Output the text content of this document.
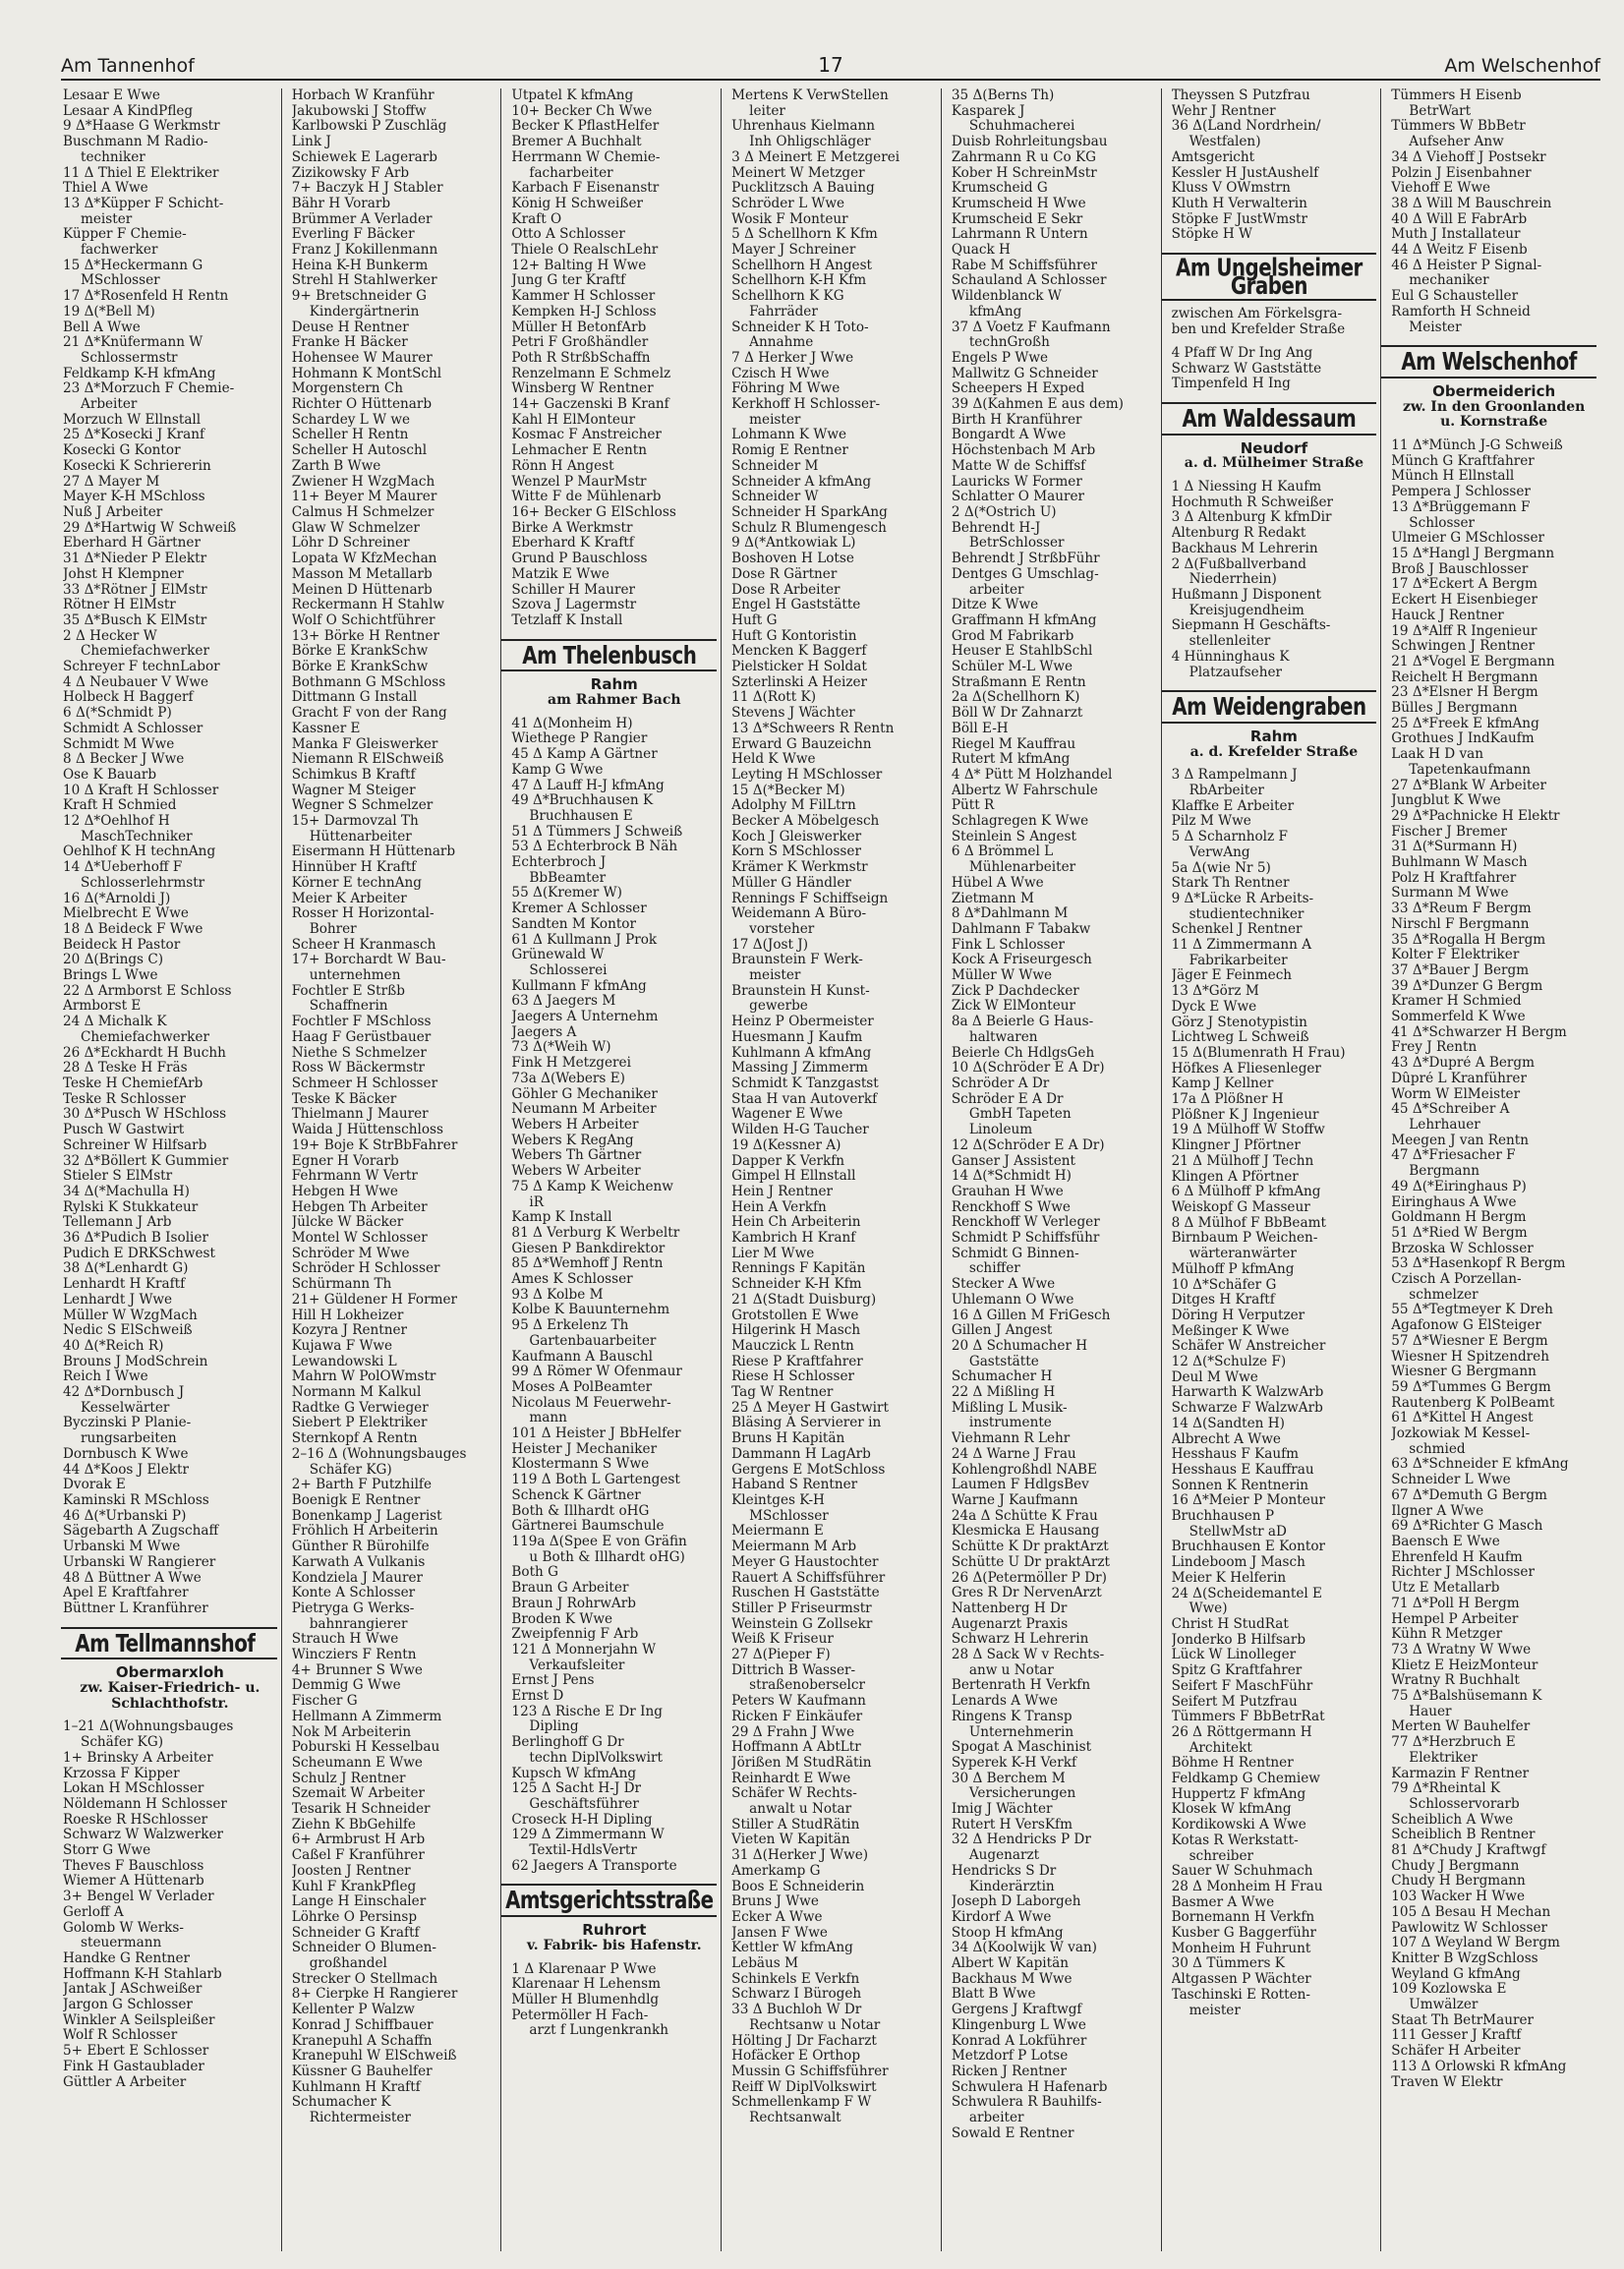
Am Tannenhof	17	Am Welschenhof
Lesaar E Wwe
Lesaar A KindPfleg
9 Δ*Haase G Werkmstr
Buschmann M Radio-
techniker
11 Δ Thiel E Elektriker
Thiel A Wwe
13 Δ*Küpper F Schicht-
meister
Küpper F Chemie-
fachwerker
15 Δ*Heckermann G
MSchlosser
17 Δ*Rosenfeld H Rentn
19 Δ(*Bell M)
Bell A Wwe
21 Δ*Knüfermann W
Schlossermstr
Feldkamp K-H kfmAng
23 Δ*Morzuch F Chemie-
Arbeiter
Morzuch W Ellnstall
25 Δ*Kosecki J Kranf
Kosecki G Kontor
Kosecki K Schriererin
27 Δ Mayer M
Mayer K-H MSchloss
Nuß J Arbeiter
29 Δ*Hartwig W Schweiß
Eberhard H Gärtner
31 Δ*Nieder P Elektr
Johst H Klempner
33 Δ*Rötner J ElMstr
Rötner H ElMstr
35 Δ*Busch K ElMstr
2 Δ Hecker W
Chemiefachwerker
Schreyer F technLabor
4 Δ Neubauer V Wwe
Holbeck H Baggerf
6 Δ(*Schmidt P)
Schmidt A Schlosser
Schmidt M Wwe
8 Δ Becker J Wwe
Ose K Bauarb
10 Δ Kraft H Schlosser
Kraft H Schmied
12 Δ*Oehlhof H
MaschTechniker
Oehlhof K H technAng
14 Δ*Ueberhoff F
Schlosserlehrmstr
16 Δ(*Arnoldi J)
Mielbrecht E Wwe
18 Δ Beideck F Wwe
Beideck H Pastor
20 Δ(Brings C)
Brings L Wwe
22 Δ Armborst E Schloss
Armborst E
24 Δ Michalk K
Chemiefachwerker
26 Δ*Eckhardt H Buchh
28 Δ Teske H Fräs
Teske H ChemiefArb
Teske R Schlosser
30 Δ*Pusch W HSchloss
Pusch W Gastwirt
Schreiner W Hilfsarb
32 Δ*Böllert K Gummier
Stieler S ElMstr
34 Δ(*Machulla H)
Rylski K Stukkateur
Tellemann J Arb
36 Δ*Pudich B Isolier
Pudich E DRKSchwest
38 Δ(*Lenhardt G)
Lenhardt H Kraftf
Lenhardt J Wwe
Müller W WzgMach
Nedic S ElSchweiß
40 Δ(*Reich R)
Brouns J ModSchrein
Reich I Wwe
42 Δ*Dornbusch J
Kesselwärter
Byczinski P Planie-
rungsarbeiten
Dornbusch K Wwe
44 Δ*Koos J Elektr
Dvorak E
Kaminski R MSchloss
46 Δ(*Urbanski P)
Sägebarth A Zugschaff
Urbanski M Wwe
Urbanski W Rangierer
48 Δ Büttner A Wwe
Apel E Kraftfahrer
Büttner L Kranführer
Am Tellmannshof
Obermarxloh
zw. Kaiser-Friedrich- u.
Schlachthofstr.
1–21 Δ(Wohnungsbauges
Schäfer KG)
1+ Brinsky A Arbeiter
Krzossa F Kipper
Lokan H MSchlosser
Nöldemann H Schlosser
Roeske R HSchlosser
Schwarz W Walzwerker
Storr G Wwe
Theves F Bauschloss
Wiemer A Hüttenarb
3+ Bengel W Verlader
Gerloff A
Golomb W Werks-
steuermann
Handke G Rentner
Hoffmann K-H Stahlarb
Jantak J ASchweißer
Jargon G Schlosser
Winkler A Seilspleißer
Wolf R Schlosser
5+ Ebert E Schlosser
Fink H Gastaublader
Güttler A Arbeiter
Horbach W Kranführ
Jakubowski J Stoffw
Karlbowski P Zuschläg
Link J
Schiewek E Lagerarb
Zizikowsky F Arb
7+ Baczyk H J Stabler
Bähr H Vorarb
Brümmer A Verlader
Everling F Bäcker
Franz J Kokillenmann
Heina K-H Bunkerm
Strehl H Stahlwerker
9+ Bretschneider G
Kindergärtnerin
Deuse H Rentner
Franke H Bäcker
Hohensee W Maurer
Hohmann K MontSchl
Morgenstern Ch
Richter O Hüttenarb
Schardey L W we
Scheller H Rentn
Scheller H Autoschl
Zarth B Wwe
Zwiener H WzgMach
11+ Beyer M Maurer
Calmus H Schmelzer
Glaw W Schmelzer
Löhr D Schreiner
Lopata W KfzMechan
Masson M Metallarb
Meinen D Hüttenarb
Reckermann H Stahlw
Wolf O Schichtführer
13+ Börke H Rentner
Börke E KrankSchw
Börke E KrankSchw
Bothmann G MSchloss
Dittmann G Install
Gracht F von der Rang
Kassner E
Manka F Gleiswerker
Niemann R ElSchweiß
Schimkus B Kraftf
Wagner M Steiger
Wegner S Schmelzer
15+ Darmovzal Th
Hüttenarbeiter
Eisermann H Hüttenarb
Hinnüber H Kraftf
Körner E technAng
Meier K Arbeiter
Rosser H Horizontal-
Bohrer
Scheer H Kranmasch
17+ Borchardt W Bau-
unternehmen
Fochtler E Strßb
Schaffnerin
Fochtler F MSchloss
Haag F Gerüstbauer
Niethe S Schmelzer
Ross W Bäckermstr
Schmeer H Schlosser
Teske K Bäcker
Thielmann J Maurer
Waida J Hüttenschloss
19+ Boje K StrBbFahrer
Egner H Vorarb
Fehrmann W Vertr
Hebgen H Wwe
Hebgen Th Arbeiter
Jülcke W Bäcker
Montel W Schlosser
Schröder M Wwe
Schröder H Schlosser
Schürmann Th
21+ Güldener H Former
Hill H Lokheizer
Kozyra J Rentner
Kujawa F Wwe
Lewandowski L
Mahrn W PolOWmstr
Normann M Kalkul
Radtke G Verwieger
Siebert P Elektriker
Sternkopf A Rentn
2–16 Δ (Wohnungsbauges
Schäfer KG)
2+ Barth F Putzhilfe
Boenigk E Rentner
Bonenkamp J Lagerist
Fröhlich H Arbeiterin
Günther R Bürohilfe
Karwath A Vulkanis
Kondziela J Maurer
Konte A Schlosser
Pietryga G Werks-
bahnrangierer
Strauch H Wwe
Wincziers F Rentn
4+ Brunner S Wwe
Demmig G Wwe
Fischer G
Hellmann A Zimmerm
Nok M Arbeiterin
Poburski H Kesselbau
Scheumann E Wwe
Schulz J Rentner
Szemait W Arbeiter
Tesarik H Schneider
Ziehn K BbGehilfe
6+ Armbrust H Arb
Caßel F Kranführer
Joosten J Rentner
Kuhl F KrankPfleg
Lange H Einschaler
Löhrke O Persinsp
Schneider G Kraftf
Schneider O Blumen-
großhandel
Strecker O Stellmach
8+ Cierpke H Rangierer
Kellenter P Walzw
Konrad J Schiffbauer
Kranepuhl A Schaffn
Kranepuhl W ElSchweiß
Küssner G Bauhelfer
Kuhlmann H Kraftf
Schumacher K
Richtermeister
Utpatel K kfmAng
10+ Becker Ch Wwe
Becker K PflastHelfer
Bremer A Buchhalt
Herrmann W Chemie-
facharbeiter
Karbach F Eisenanstr
König H Schweißer
Kraft O
Otto A Schlosser
Thiele O RealschLehr
12+ Balting H Wwe
Jung G ter Kraftf
Kammer H Schlosser
Kempken H-J Schloss
Müller H BetonfArb
Petri F Großhändler
Poth R StrßbSchaffn
Renzelmann E Schmelz
Winsberg W Rentner
14+ Gaczenski B Kranf
Kahl H ElMonteur
Kosmac F Anstreicher
Lehmacher E Rentn
Rönn H Angest
Wenzel P MaurMstr
Witte F de Mühlenarb
16+ Becker G ElSchloss
Birke A Werkmstr
Eberhard K Kraftf
Grund P Bauschloss
Matzik E Wwe
Schiller H Maurer
Szova J Lagermstr
Tetzlaff K Install
Am Thelenbusch
Rahm
am Rahmer Bach
41 Δ(Monheim H)
Wiethege P Rangier
45 Δ Kamp A Gärtner
Kamp G Wwe
47 Δ Lauff H-J kfmAng
49 Δ*Bruchhausen K
Bruchhausen E
51 Δ Tümmers J Schweiß
53 Δ Echterbrock B Näh
Echterbroch J
BbBeamter
55 Δ(Kremer W)
Kremer A Schlosser
Sandten M Kontor
61 Δ Kullmann J Prok
Grünewald W
Schlosserei
Kullmann F kfmAng
63 Δ Jaegers M
Jaegers A Unternehm
Jaegers A
73 Δ(*Weih W)
Fink H Metzgerei
73a Δ(Webers E)
Göhler G Mechaniker
Neumann M Arbeiter
Webers H Arbeiter
Webers K RegAng
Webers Th Gärtner
Webers W Arbeiter
75 Δ Kamp K Weichenw
iR
Kamp K Install
81 Δ Verburg K Werbeltr
Giesen P Bankdirektor
85 Δ*Wemhoff J Rentn
Ames K Schlosser
93 Δ Kolbe M
Kolbe K Bauunternehm
95 Δ Erkelenz Th
Gartenbauarbeiter
Kaufmann A Bauschl
99 Δ Römer W Ofenmaur
Moses A PolBeamter
Nicolaus M Feuerwehr-
mann
101 Δ Heister J BbHelfer
Heister J Mechaniker
Klostermann S Wwe
119 Δ Both L Gartengest
Schenck K Gärtner
Both & Illhardt oHG
Gärtnerei Baumschule
119a Δ(Spee E von Gräfin
u Both & Illhardt oHG)
Both G
Braun G Arbeiter
Braun J RohrwArb
Broden K Wwe
Zweipfennig F Arb
121 Δ Monnerjahn W
Verkaufsleiter
Ernst J Pens
Ernst D
123 Δ Rische E Dr Ing
Dipling
Berlinghoff G Dr
techn DiplVolkswirt
Kupsch W kfmAng
125 Δ Sacht H-J Dr
Geschäftsführer
Croseck H-H Dipling
129 Δ Zimmermann W
Textil-HdlsVertr
62 Jaegers A Transporte
Amtsgerichtsstraße
Ruhrort
v. Fabrik- bis Hafenstr.
1 Δ Klarenaar P Wwe
Klarenaar H Lehensm
Müller H Blumenhdlg
Petermöller H Fach-
arzt f Lungenkrankh
Mertens K VerwStellen
leiter
Uhrenhaus Kielmann
Inh Ohligschläger
3 Δ Meinert E Metzgerei
Meinert W Metzger
Pucklitzsch A Bauing
Schröder L Wwe
Wosik F Monteur
5 Δ Schellhorn K Kfm
Mayer J Schreiner
Schellhorn H Angest
Schellhorn K-H Kfm
Schellhorn K KG
Fahrräder
Schneider K H Toto-
Annahme
7 Δ Herker J Wwe
Czisch H Wwe
Föhring M Wwe
Kerkhoff H Schlosser-
meister
Lohmann K Wwe
Romig E Rentner
Schneider M
Schneider A kfmAng
Schneider W
Schneider H SparkAng
Schulz R Blumengesch
9 Δ(*Antkowiak L)
Boshoven H Lotse
Dose R Gärtner
Dose R Arbeiter
Engel H Gaststätte
Huft G
Huft G Kontoristin
Mencken K Baggerf
Pielsticker H Soldat
Szterlinski A Heizer
11 Δ(Rott K)
Stevens J Wächter
13 Δ*Schweers R Rentn
Erward G Bauzeichn
Held K Wwe
Leyting H MSchlosser
15 Δ(*Becker M)
Adolphy M FilLtrn
Becker A Möbelgesch
Koch J Gleiswerker
Korn S MSchlosser
Krämer K Werkmstr
Müller G Händler
Rennings F Schiffseign
Weidemann A Büro-
vorsteher
17 Δ(Jost J)
Braunstein F Werk-
meister
Braunstein H Kunst-
gewerbe
Heinz P Obermeister
Huesmann J Kaufm
Kuhlmann A kfmAng
Massing J Zimmerm
Schmidt K Tanzgastst
Staa H van Autoverkf
Wagener E Wwe
Wilden H-G Taucher
19 Δ(Kessner A)
Dapper K Verkfn
Gimpel H Ellnstall
Hein J Rentner
Hein A Verkfn
Hein Ch Arbeiterin
Kambrich H Kranf
Lier M Wwe
Rennings F Kapitän
Schneider K-H Kfm
21 Δ(Stadt Duisburg)
Grotstollen E Wwe
Hilgerink H Masch
Mauczick L Rentn
Riese P Kraftfahrer
Riese H Schlosser
Tag W Rentner
25 Δ Meyer H Gastwirt
Bläsing A Servierer in
Bruns H Kapitän
Dammann H LagArb
Gergens E MotSchloss
Haband S Rentner
Kleintges K-H
MSchlosser
Meiermann E
Meiermann M Arb
Meyer G Haustochter
Rauert A Schiffsführer
Ruschen H Gaststätte
Stiller P Friseurmstr
Weinstein G Zollsekr
Weiß K Friseur
27 Δ(Pieper F)
Dittrich B Wasser-
straßenoberselcr
Peters W Kaufmann
Ricken F Einkäufer
29 Δ Frahn J Wwe
Hoffmann A AbtLtr
Jörißen M StudRätin
Reinhardt E Wwe
Schäfer W Rechts-
anwalt u Notar
Stiller A StudRätin
Vieten W Kapitän
31 Δ(Herker J Wwe)
Amerkamp G
Boos E Schneiderin
Bruns J Wwe
Ecker A Wwe
Jansen F Wwe
Kettler W kfmAng
Lebäus M
Schinkels E Verkfn
Schwarz I Bürogeh
33 Δ Buchloh W Dr
Rechtsanw u Notar
Hölting J Dr Facharzt
Hofäcker E Orthop
Mussin G Schiffsführer
Reiff W DiplVolkswirt
Schmellenkamp F W
Rechtsanwalt
35 Δ(Berns Th)
Kasparek J
Schuhmacherei
Duisb Rohrleitungsbau
Zahrmann R u Co KG
Kober H SchreinMstr
Krumscheid G
Krumscheid H Wwe
Krumscheid E Sekr
Lahrmann R Untern
Quack H
Rabe M Schiffsführer
Schauland A Schlosser
Wildenblanck W
kfmAng
37 Δ Voetz F Kaufmann
technGroßh
Engels P Wwe
Mallwitz G Schneider
Scheepers H Exped
39 Δ(Kahmen E aus dem)
Birth H Kranführer
Bongardt A Wwe
Höchstenbach M Arb
Matte W de Schiffsf
Lauricks W Former
Schlatter O Maurer
2 Δ(*Östrich U)
Behrendt H-J
BetrSchlosser
Behrendt J StrßbFühr
Dentges G Umschlag-
arbeiter
Ditze K Wwe
Graffmann H kfmAng
Grod M Fabrikarb
Heuser E StahlbSchl
Schüler M-L Wwe
Straßmann E Rentn
2a Δ(Schellhorn K)
Böll W Dr Zahnarzt
Böll E-H
Riegel M Kauffrau
Rutert M kfmAng
4 Δ* Pütt M Holzhandel
Albertz W Fahrschule
Pütt R
Schlagregen K Wwe
Steinlein S Angest
6 Δ Brömmel L
Mühlenarbeiter
Hübel A Wwe
Zietmann M
8 Δ*Dahlmann M
Dahlmann F Tabakw
Fink L Schlosser
Kock A Friseurgesch
Müller W Wwe
Zick P Dachdecker
Zick W ElMonteur
8a Δ Beierle G Haus-
haltwaren
Beierle Ch HdlgsGeh
10 Δ(Schröder E A Dr)
Schröder A Dr
Schröder E A Dr
GmbH Tapeten
Linoleum
12 Δ(Schröder E A Dr)
Ganser J Assistent
14 Δ(*Schmidt H)
Grauhan H Wwe
Renckhoff S Wwe
Renckhoff W Verleger
Schmidt P Schiffsführ
Schmidt G Binnen-
schiffer
Stecker A Wwe
Uhlemann O Wwe
16 Δ Gillen M FriGesch
Gillen J Angest
20 Δ Schumacher H
Gaststätte
Schumacher H
22 Δ Mißling H
Mißling L Musik-
instrumente
Viehmann R Lehr
24 Δ Warne J Frau
Kohlengroßhdl NABE
Laumen F HdlgsBev
Warne J Kaufmann
24a Δ Schütte K Frau
Klesmicka E Hausang
Schütte K Dr praktArzt
Schütte U Dr praktÄrzt
26 Δ(Petermöller P Dr)
Gres R Dr NervenArzt
Nattenberg H Dr
Augenarzt Praxis
Schwarz H Lehrerin
28 Δ Sack W v Rechts-
anw u Notar
Bertenrath H Verkfn
Lenards A Wwe
Ringens K Transp
Unternehmerin
Spogat A Maschinist
Syperek K-H Verkf
30 Δ Berchem M
Versicherungen
Imig J Wächter
Rutert H VersKfm
32 Δ Hendricks P Dr
Augenarzt
Hendricks S Dr
Kinderärztin
Joseph D Laborgeh
Kirdorf A Wwe
Stoop H kfmAng
34 Δ(Koolwijk W van)
Albert W Kapitän
Backhaus M Wwe
Blatt B Wwe
Gergens J Kraftwgf
Klingenburg L Wwe
Konrad A Lokführer
Metzdorf P Lotse
Ricken J Rentner
Schwulera H Hafenarb
Schwulera R Bauhilfs-
arbeiter
Sowald E Rentner
Theyssen S Putzfrau
Wehr J Rentner
36 Δ(Land Nordrhein/
Westfalen)
Amtsgericht
Kessler H JustAushelf
Kluss V OWmstrn
Kluth H Verwalterin
Stöpke F JustWmstr
Stöpke H W
Am Ungelsheimer Graben
zwischen Am Förkelsgra-
ben und Krefelder Straße
4 Pfaff W Dr Ing Ang
Schwarz W Gaststätte
Timpenfeld H Ing
Am Waldessaum
Neudorf
a. d. Mülheimer Straße
1 Δ Niessing H Kaufm
Hochmuth R Schweißer
3 Δ Altenburg K kfmDir
Altenburg R Redakt
Backhaus M Lehrerin
2 Δ(Fußballverband
Niederrhein)
Hußmann J Disponent
Kreisjugendheim
Siepmann H Geschäfts-
stellenleiter
4 Hünninghaus K
Platzaufseher
Am Weidengraben
Rahm
a. d. Krefelder Straße
3 Δ Rampelmann J
RbArbeiter
Klaffke E Arbeiter
Pilz M Wwe
5 Δ Scharnholz F
VerwAng
5a Δ(wie Nr 5)
Stark Th Rentner
9 Δ*Lücke R Arbeits-
studientechniker
Schenkel J Rentner
11 Δ Zimmermann A
Fabrikarbeiter
Jäger E Feinmech
13 Δ*Görz M
Dyck E Wwe
Görz J Stenotypistin
Lichtweg L Schweiß
15 Δ(Blumenrath H Frau)
Höfkes A Fliesenleger
Kamp J Kellner
17a Δ Plößner H
Plößner K J Ingenieur
19 Δ Mülhoff W Stoffw
Klingner J Pförtner
21 Δ Mülhoff J Techn
Klingen A Pförtner
6 Δ Mülhoff P kfmAng
Weiskopf G Masseur
8 Δ Mülhof F BbBeamt
Birnbaum P Weichen-
wärteranwärter
Mülhoff P kfmAng
10 Δ*Schäfer G
Ditges H Kraftf
Döring H Verputzer
Meßinger K Wwe
Schäfer W Anstreicher
12 Δ(*Schulze F)
Deul M Wwe
Harwarth K WalzwArb
Schwarze F WalzwArb
14 Δ(Sandten H)
Albrecht A Wwe
Hesshaus F Kaufm
Hesshaus E Kauffrau
Sonnen K Rentnerin
16 Δ*Meier P Monteur
Bruchhausen P
StellwMstr aD
Bruchhausen E Kontor
Lindeboom J Masch
Meier K Helferin
24 Δ(Scheidemantel E
Wwe)
Christ H StudRat
Jonderko B Hilfsarb
Lück W Linolleger
Spitz G Kraftfahrer
Seifert F MaschFühr
Seifert M Putzfrau
Tümmers F BbBetrRat
26 Δ Röttgermann H
Architekt
Böhme H Rentner
Feldkamp G Chemiew
Huppertz F kfmAng
Klosek W kfmAng
Kordikowski A Wwe
Kotas R Werkstatt-
schreiber
Sauer W Schuhmach
28 Δ Monheim H Frau
Basmer A Wwe
Bornemann H Verkfn
Kusber G Baggerführ
Monheim H Fuhrunt
30 Δ Tümmers K
Altgassen P Wächter
Taschinski E Rotten-
meister
Tümmers H Eisenb
BetrWart
Tümmers W BbBetr
Aufseher Anw
34 Δ Viehoff J Postsekr
Polzin J Eisenbahner
Viehoff E Wwe
38 Δ Will M Bauschrein
40 Δ Will E FabrArb
Muth J Installateur
44 Δ Weitz F Eisenb
46 Δ Heister P Signal-
mechaniker
Eul G Schausteller
Ramforth H Schneid
Meister
Am Welschenhof
Obermeiderich
zw. In den Groonlanden
u. Kornstraße
11 Δ*Münch J-G Schweiß
Münch G Kraftfahrer
Münch H Ellnstall
Pempera J Schlosser
13 Δ*Brüggemann F
Schlosser
Ulmeier G MSchlosser
15 Δ*Hangl J Bergmann
Broß J Bauschlosser
17 Δ*Eckert A Bergm
Eckert H Eisenbieger
Hauck J Rentner
19 Δ*Alff R Ingenieur
Schwingen J Rentner
21 Δ*Vogel E Bergmann
Reichelt H Bergmann
23 Δ*Elsner H Bergm
Bülles J Bergmann
25 Δ*Freek E kfmAng
Grothues J IndKaufm
Laak H D van
Tapetenkaufmann
27 Δ*Blank W Arbeiter
Jungblut K Wwe
29 Δ*Pachnicke H Elektr
Fischer J Bremer
31 Δ(*Surmann H)
Buhlmann W Masch
Polz H Kraftfahrer
Surmann M Wwe
33 Δ*Reum F Bergm
Nirschl F Bergmann
35 Δ*Rogalla H Bergm
Kolter F Elektriker
37 Δ*Bauer J Bergm
39 Δ*Dunzer G Bergm
Kramer H Schmied
Sommerfeld K Wwe
41 Δ*Schwarzer H Bergm
Frey J Rentn
43 Δ*Dupré A Bergm
Dûpré L Kranführer
Worm W ElMeister
45 Δ*Schreiber A
Lehrhauer
Meegen J van Rentn
47 Δ*Friesacher F
Bergmann
49 Δ(*Eiringhaus P)
Eiringhaus A Wwe
Goldmann H Bergm
51 Δ*Ried W Bergm
Brzoska W Schlosser
53 Δ*Hasenkopf R Bergm
Czisch A Porzellan-
schmelzer
55 Δ*Tegtmeyer K Dreh
Agafonow G ElSteiger
57 Δ*Wiesner E Bergm
Wiesner H Spitzendreh
Wiesner G Bergmann
59 Δ*Tummes G Bergm
Rautenberg K PolBeamt
61 Δ*Kittel H Angest
Jozkowiak M Kessel-
schmied
63 Δ*Schneider E kfmAng
Schneider L Wwe
67 Δ*Demuth G Bergm
Ilgner A Wwe
69 Δ*Richter G Masch
Baensch E Wwe
Ehrenfeld H Kaufm
Richter J MSchlosser
Utz E Metallarb
71 Δ*Poll H Bergm
Hempel P Arbeiter
Kühn R Metzger
73 Δ Wratny W Wwe
Klietz E HeizMonteur
Wratny R Buchhalt
75 Δ*Balshüsemann K
Hauer
Merten W Bauhelfer
77 Δ*Herzbruch E
Elektriker
Karmazin F Rentner
79 Δ*Rheintal K
Schlosservorarb
Scheiblich A Wwe
Scheiblich B Rentner
81 Δ*Chudy J Kraftwgf
Chudy J Bergmann
Chudy H Bergmann
103 Wacker H Wwe
105 Δ Besau H Mechan
Pawlowitz W Schlosser
107 Δ Weyland W Bergm
Knitter B WzgSchloss
Weyland G kfmAng
109 Kozlowska E
Umwälzer
Staat Th BetrMaurer
111 Gesser J Kraftf
Schäfer H Arbeiter
113 Δ Orlowski R kfmAng
Traven W Elektr
